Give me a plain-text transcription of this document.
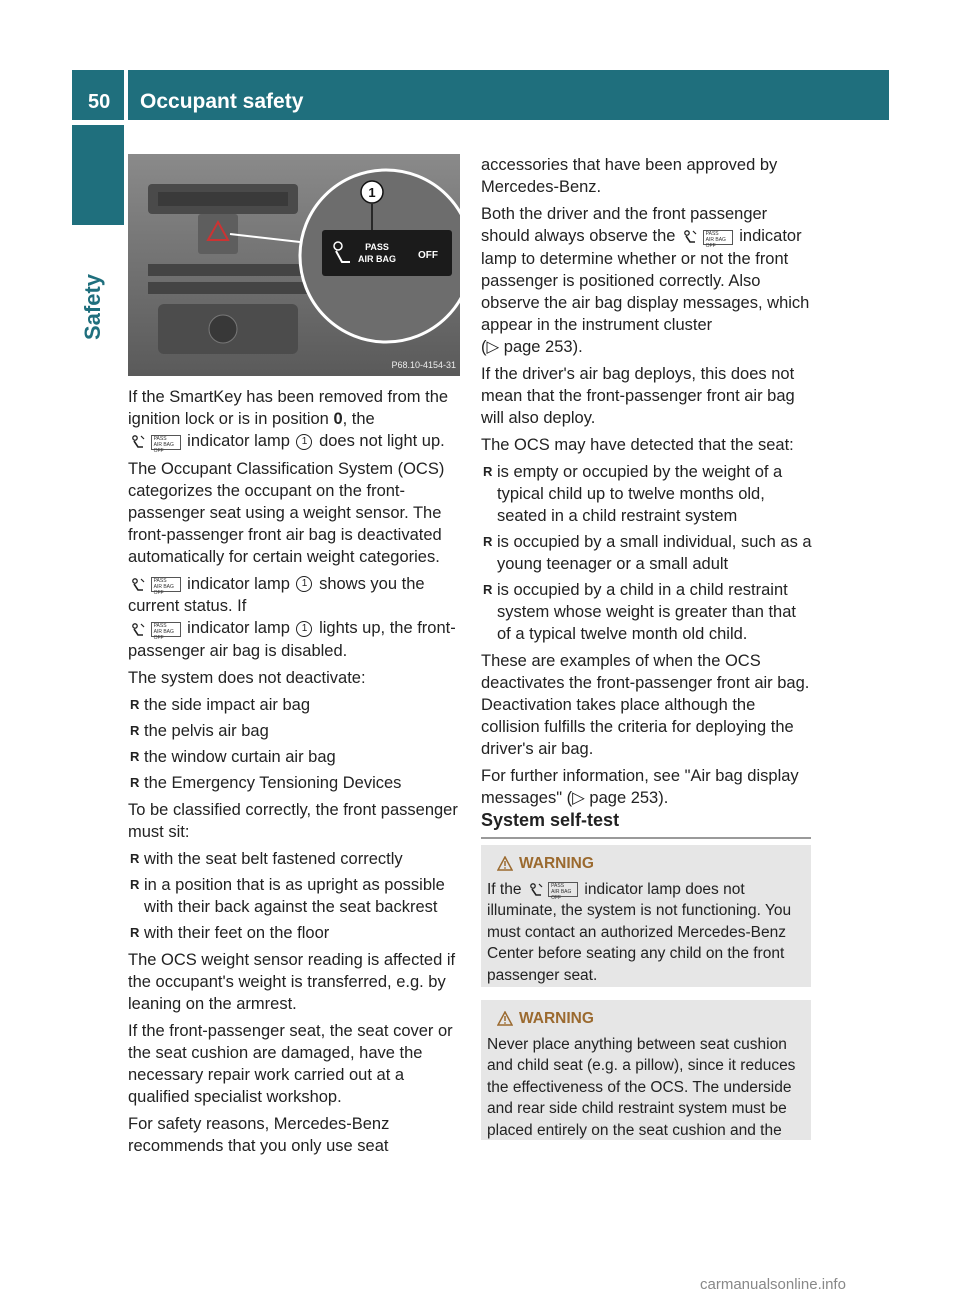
50	Occupant safety
Safety
PASS
AIR BAG OFF
1
P68.10-4154-31

If the SmartKey has been removed from the ignition lock or is in position 0, the
PASS
AIR BAG OFF indicator lamp 1 does not light up.

The Occupant Classification System (OCS) categorizes the occupant on the front-passenger seat using a weight sensor. The front-passenger front air bag is deactivated automatically for certain weight categories.

PASS
AIR BAG OFF indicator lamp 1 shows you the current status. If
PASS
AIR BAG OFF indicator lamp 1 lights up, the front-passenger air bag is disabled.

The system does not deactivate:

R the side impact air bag
R the pelvis air bag
R the window curtain air bag
R the Emergency Tensioning Devices

To be classified correctly, the front passenger must sit:

R with the seat belt fastened correctly
R in a position that is as upright as possible with their back against the seat backrest
R with their feet on the floor

The OCS weight sensor reading is affected if the occupant's weight is transferred, e.g. by leaning on the armrest.

If the front-passenger seat, the seat cover or the seat cushion are damaged, have the necessary repair work carried out at a qualified specialist workshop.

For safety reasons, Mercedes-Benz recommends that you only use seat

accessories that have been approved by Mercedes-Benz.

Both the driver and the front passenger should always observe the	PASS
AIR BAG OFF indicator lamp to determine whether or not the front passenger is positioned correctly. Also observe the air bag display messages, which appear in the instrument cluster
(▷ page 253).

If the driver's air bag deploys, this does not mean that the front-passenger front air bag will also deploy.

The OCS may have detected that the seat:

R is empty or occupied by the weight of a typical child up to twelve months old, seated in a child restraint system
R is occupied by a small individual, such as a young teenager or a small adult
R is occupied by a child in a child restraint system whose weight is greater than that of a typical twelve month old child.

These are examples of when the OCS deactivates the front-passenger front air bag. Deactivation takes place although the collision fulfills the criteria for deploying the driver's air bag.

For further information, see "Air bag display messages" (▷ page 253).

System self-test
WARNING
If the	PASS
AIR BAG OFF indicator lamp does not illuminate, the system is not functioning. You must contact an authorized Mercedes-Benz Center before seating any child on the front passenger seat.
WARNING
Never place anything between seat cushion and child seat (e.g. a pillow), since it reduces the effectiveness of the OCS. The underside and rear side child restraint system must be placed entirely on the seat cushion and the
carmanualsonline.info
